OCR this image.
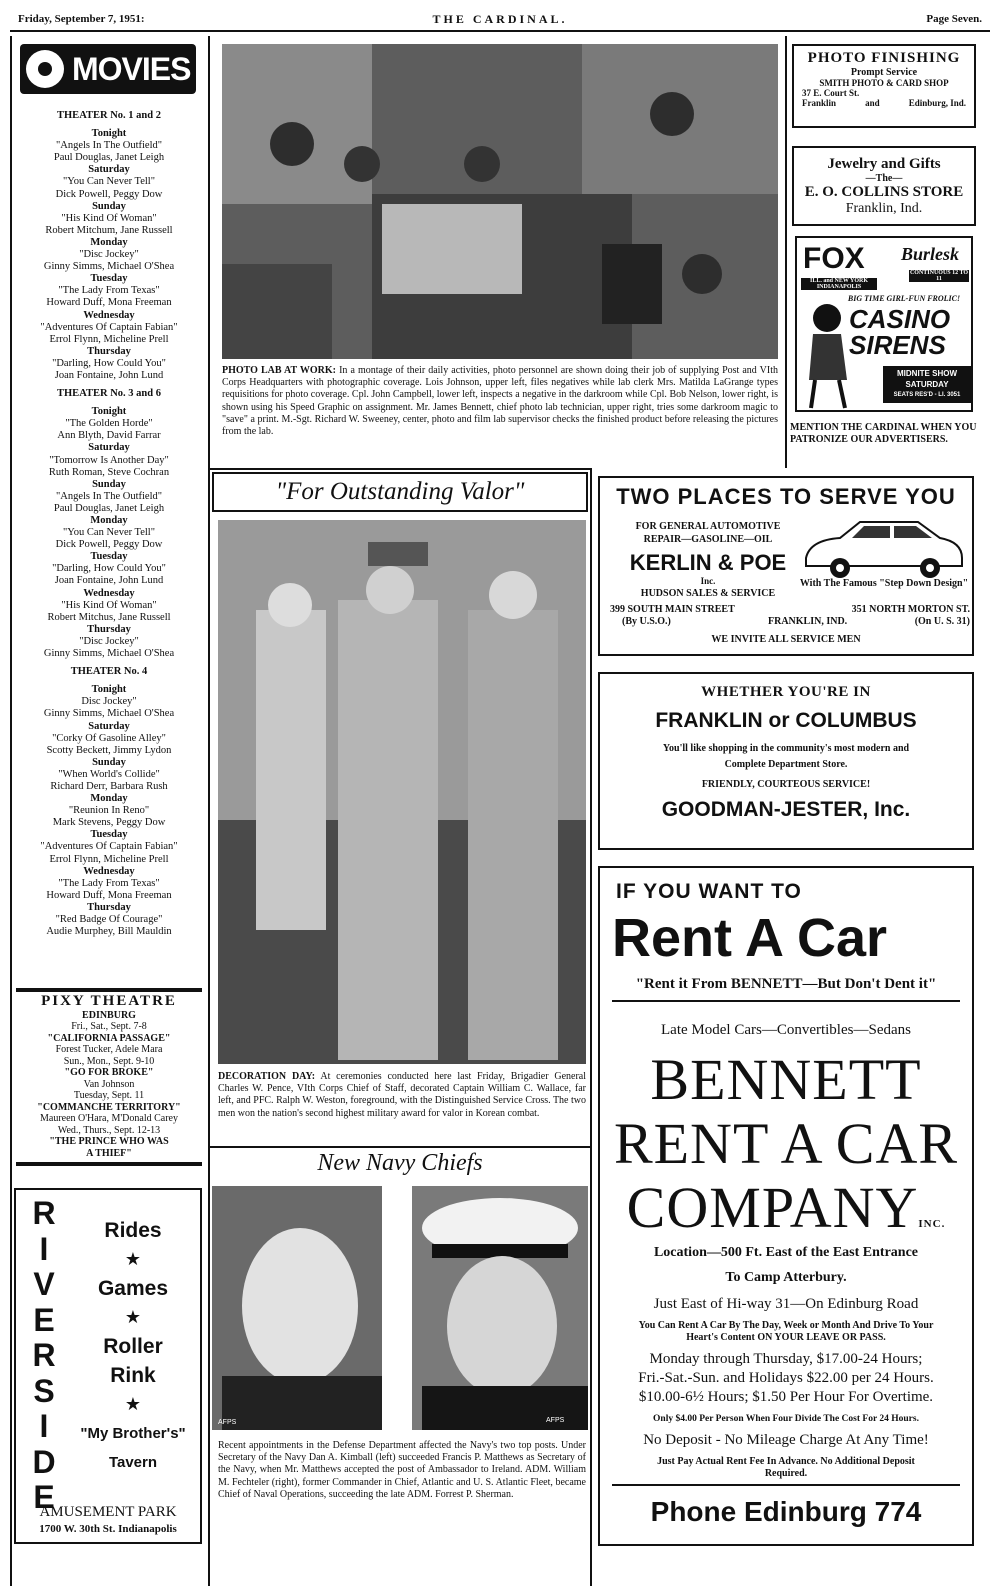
Friday, September 7, 1951:	THE CARDINAL.	Page Seven.
MOVIES
THEATER No. 1 and 2
Tonight
"Angels In The Outfield"
Paul Douglas, Janet Leigh
Saturday
"You Can Never Tell"
Dick Powell, Peggy Dow
Sunday
"His Kind Of Woman"
Robert Mitchum, Jane Russell
Monday
"Disc Jockey"
Ginny Simms, Michael O'Shea
Tuesday
"The Lady From Texas"
Howard Duff, Mona Freeman
Wednesday
"Adventures Of Captain Fabian"
Errol Flynn, Micheline Prell
Thursday
"Darling, How Could You"
Joan Fontaine, John Lund
THEATER No. 3 and 6
Tonight
"The Golden Horde"
Ann Blyth, David Farrar
Saturday
"Tomorrow Is Another Day"
Ruth Roman, Steve Cochran
Sunday
"Angels In The Outfield"
Paul Douglas, Janet Leigh
Monday
"You Can Never Tell"
Dick Powell, Peggy Dow
Tuesday
"Darling, How Could You"
Joan Fontaine, John Lund
Wednesday
"His Kind Of Woman"
Robert Mitchus, Jane Russell
Thursday
"Disc Jockey"
Ginny Simms, Michael O'Shea
THEATER No. 4
Tonight
Disc Jockey"
Ginny Simms, Michael O'Shea
Saturday
"Corky Of Gasoline Alley"
Scotty Beckett, Jimmy Lydon
Sunday
"When World's Collide"
Richard Derr, Barbara Rush
Monday
"Reunion In Reno"
Mark Stevens, Peggy Dow
Tuesday
"Adventures Of Captain Fabian"
Errol Flynn, Micheline Prell
Wednesday
"The Lady From Texas"
Howard Duff, Mona Freeman
Thursday
"Red Badge Of Courage"
Audie Murphey, Bill Mauldin
PIXY THEATRE
EDINBURG
Fri., Sat., Sept. 7-8
"CALIFORNIA PASSAGE"
Forest Tucker, Adele Mara
Sun., Mon., Sept. 9-10
"GO FOR BROKE"
Van Johnson
Tuesday, Sept. 11
"COMMANCHE TERRITORY"
Maureen O'Hara, M'Donald Carey
Wed., Thurs., Sept. 12-13
"THE PRINCE WHO WAS
A THIEF"
R
I
V
E
R
S
I
D
E
Rides
★
Games
★
Roller
Rink
★
"My Brother's"
Tavern
AMUSEMENT PARK
1700 W. 30th St. Indianapolis
PHOTO LAB AT WORK: In a montage of their daily activities, photo personnel are shown doing their job of supplying Post and VIth Corps Headquarters with photographic coverage. Lois Johnson, upper left, files negatives while lab clerk Mrs. Matilda LaGrange types requisitions for photo coverage. Cpl. John Campbell, lower left, inspects a negative in the darkroom while Cpl. Bob Nelson, lower right, is shown using his Speed Graphic on assignment. Mr. James Bennett, chief photo lab technician, upper right, tries some darkroom magic to "save" a print. M.-Sgt. Richard W. Sweeney, center, photo and film lab supervisor checks the finished product before releasing the pictures from the lab.
"For Outstanding Valor"
DECORATION DAY: At ceremonies conducted here last Friday, Brigadier General Charles W. Pence, VIth Corps Chief of Staff, decorated Captain William C. Wallace, far left, and PFC. Ralph W. Weston, foreground, with the Distinguished Service Cross. The two men won the nation's second highest military award for valor in Korean combat.
New Navy Chiefs
AFPS	AFPS
Recent appointments in the Defense Department affected the Navy's two top posts. Under Secretary of the Navy Dan A. Kimball (left) succeeded Francis P. Matthews as Secretary of the Navy, when Mr. Matthews accepted the post of Ambassador to Ireland. ADM. William M. Fechteler (right), former Commander in Chief, Atlantic and U. S. Atlantic Fleet, became Chief of Naval Operations, succeeding the late ADM. Forrest P. Sherman.
PHOTO FINISHING
Prompt Service
SMITH PHOTO & CARD SHOP
37 E. Court St.
Franklin	and	Edinburg, Ind.
Jewelry and Gifts
—The—
E. O. COLLINS STORE
Franklin, Ind.
FOX Burlesk
ILL. and NEW YORK INDIANAPOLIS
CONTINUOUS 12 TO 11
BIG TIME GIRL-FUN FROLIC!
CASINO
SIRENS
MIDNITE SHOW
SATURDAY
SEATS RES'D - LI. 3051
MENTION THE CARDINAL WHEN YOU PATRONIZE OUR ADVERTISERS.
TWO PLACES TO SERVE YOU
FOR GENERAL AUTOMOTIVE
REPAIR—GASOLINE—OIL
KERLIN & POE
Inc.
HUDSON SALES & SERVICE
With The Famous "Step Down Design"
399 SOUTH MAIN STREET
(By U.S.O.)	FRANKLIN, IND.
351 NORTH MORTON ST.
(On U. S. 31)
WE INVITE ALL SERVICE MEN
WHETHER YOU'RE IN
FRANKLIN or COLUMBUS
You'll like shopping in the community's most modern and Complete Department Store.
FRIENDLY, COURTEOUS SERVICE!
GOODMAN-JESTER, Inc.
IF YOU WANT TO
Rent A Car
"Rent it From BENNETT—But Don't Dent it"
Late Model Cars—Convertibles—Sedans
BENNETT
RENT A CAR
COMPANYINC.
Location—500 Ft. East of the East Entrance
To Camp Atterbury.
Just East of Hi-way 31—On Edinburg Road
You Can Rent A Car By The Day, Week or Month And Drive To Your
Heart's Content ON YOUR LEAVE OR PASS.
Monday through Thursday, $17.00-24 Hours;
Fri.-Sat.-Sun. and Holidays $22.00 per 24 Hours.
$10.00-6½ Hours; $1.50 Per Hour For Overtime.
Only $4.00 Per Person When Four Divide The Cost For 24 Hours.
No Deposit - No Mileage Charge At Any Time!
Just Pay Actual Rent Fee In Advance. No Additional Deposit
Required.
Phone Edinburg 774
